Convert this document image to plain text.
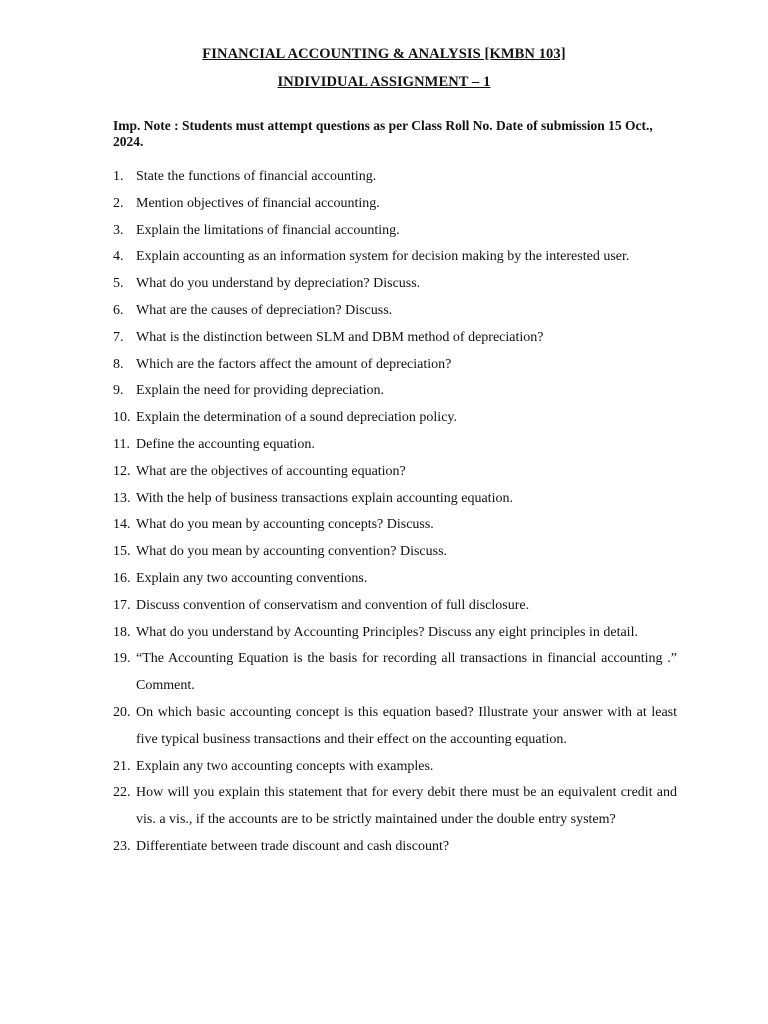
FINANCIAL ACCOUNTING & ANALYSIS [KMBN 103]
INDIVIDUAL ASSIGNMENT – 1
Imp. Note : Students must attempt questions as per Class Roll No. Date of submission 15 Oct., 2024.
1. State the functions of financial accounting.
2. Mention objectives of financial accounting.
3. Explain the limitations of financial accounting.
4. Explain accounting as an information system for decision making by the interested user.
5. What do you understand by depreciation? Discuss.
6. What are the causes of depreciation? Discuss.
7. What is the distinction between SLM and DBM method of depreciation?
8. Which are the factors affect the amount of depreciation?
9. Explain the need for providing depreciation.
10. Explain the determination of a sound depreciation policy.
11. Define the accounting equation.
12. What are the objectives of accounting equation?
13. With the help of business transactions explain accounting equation.
14. What do you mean by accounting concepts? Discuss.
15. What do you mean by accounting convention? Discuss.
16. Explain any two accounting conventions.
17. Discuss convention of conservatism and convention of full disclosure.
18. What do you understand by Accounting Principles? Discuss any eight principles in detail.
19. “The Accounting Equation is the basis for recording all transactions in financial accounting .” Comment.
20. On which basic accounting concept is this equation based? Illustrate your answer with at least five typical business transactions and their effect on the accounting equation.
21. Explain any two accounting concepts with examples.
22. How will you explain this statement that for every debit there must be an equivalent credit and vis. a vis., if the accounts are to be strictly maintained under the double entry system?
23. Differentiate between trade discount and cash discount?
